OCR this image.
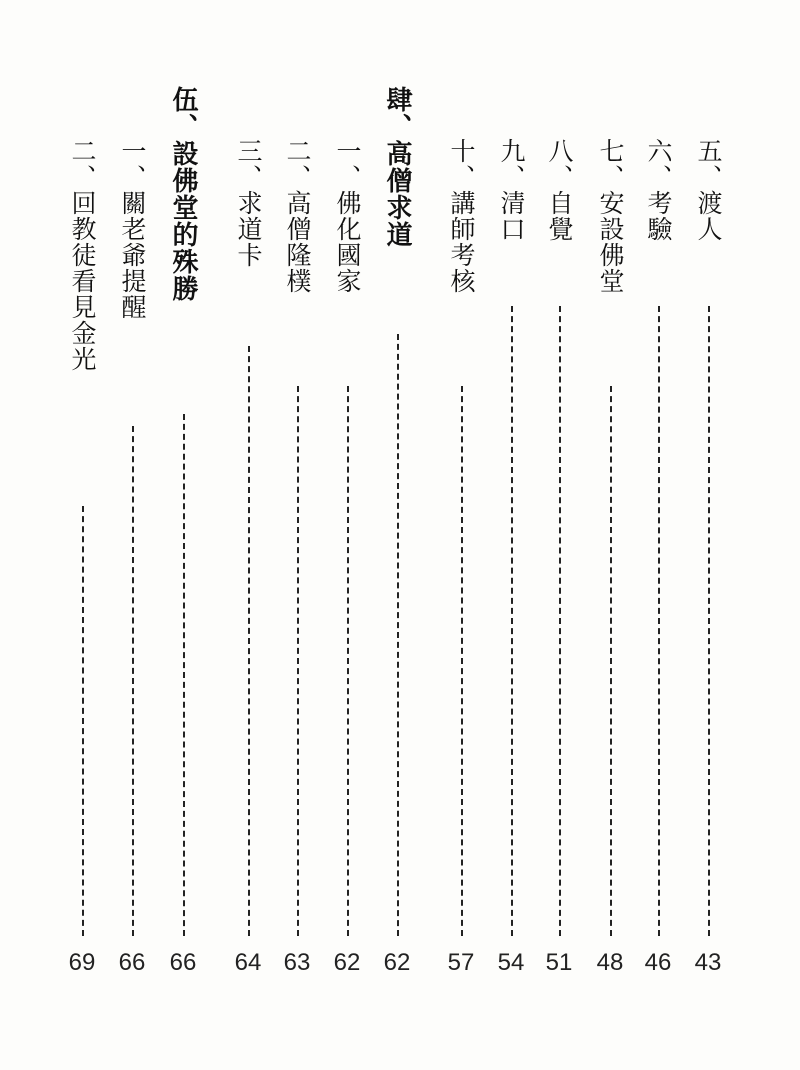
五、渡人
43
六、考驗
46
七、安設佛堂
48
八、自覺
51
九、清口
54
十、講師考核
57
肆、高僧求道
62
一、佛化國家
62
二、高僧隆樸
63
三、求道卡
64
伍、設佛堂的殊勝
66
一、關老爺提醒
66
二、回教徒看見金光
69
